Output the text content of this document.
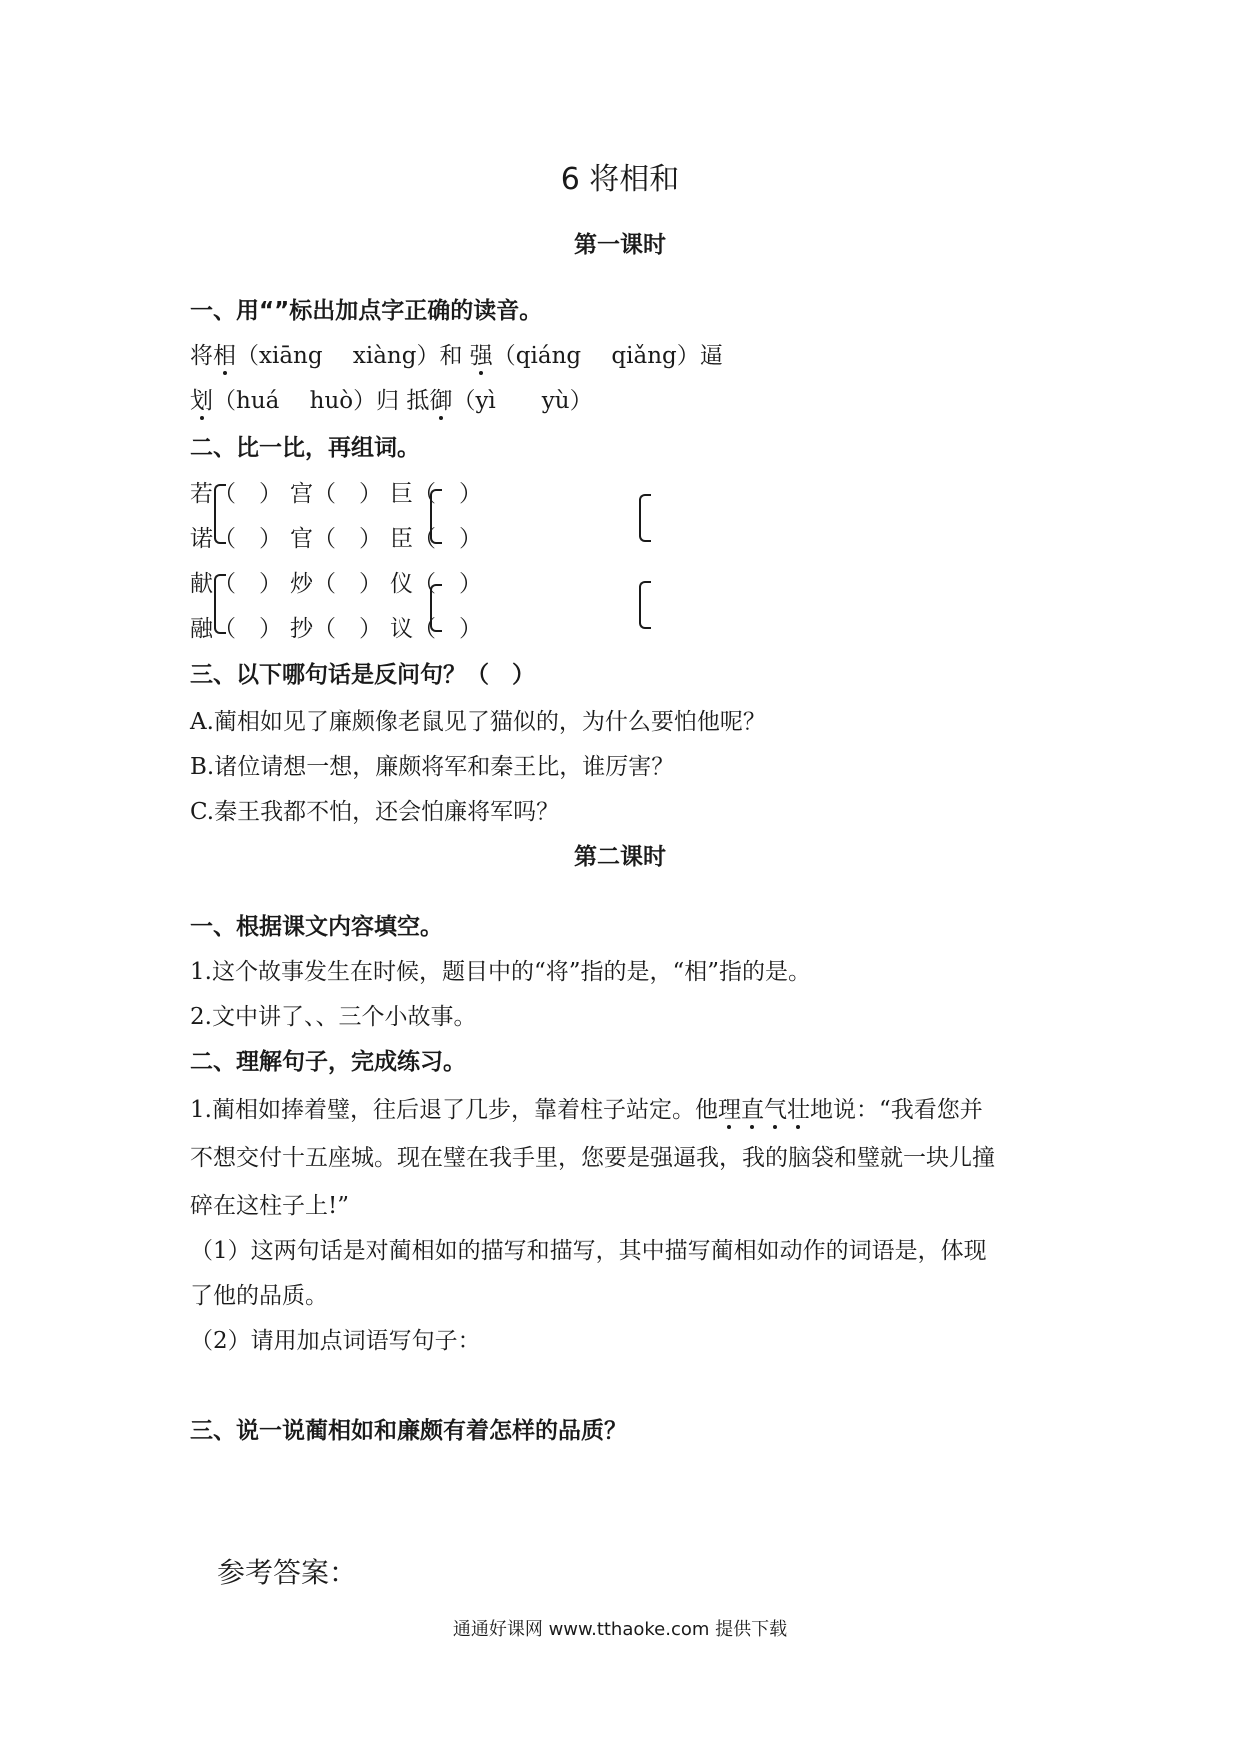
6 将相和
第一课时
一、用“”标出加点字正确的读音。
将相（xiāng　 xiàng）和 强（qiáng　 qiǎng）逼
划（huá　 huò）归 抵御（yì　　yù）
二、比一比，再组词。
若（　） 宫（　） 巨（　）
诺（　） 官（　） 臣（　）
献（　） 炒（　） 仪（　）
融（　） 抄（　） 议（　）
三、以下哪句话是反问句？（　）
A.蔺相如见了廉颇像老鼠见了猫似的，为什么要怕他呢？
B.诸位请想一想，廉颇将军和秦王比，谁厉害？
C.秦王我都不怕，还会怕廉将军吗？
第二课时
一、根据课文内容填空。
1.这个故事发生在时候，题目中的“将”指的是，“相”指的是。
2.文中讲了、、三个小故事。
二、理解句子，完成练习。
1.蔺相如捧着璧，往后退了几步，靠着柱子站定。他理直气壮地说：“我看您并
不想交付十五座城。现在璧在我手里，您要是强逼我，我的脑袋和璧就一块儿撞
碎在这柱子上!”
（1）这两句话是对蔺相如的描写和描写，其中描写蔺相如动作的词语是，体现
了他的品质。
（2）请用加点词语写句子：
三、说一说蔺相如和廉颇有着怎样的品质？
参考答案：
通通好课网 www.tthaoke.com 提供下载
